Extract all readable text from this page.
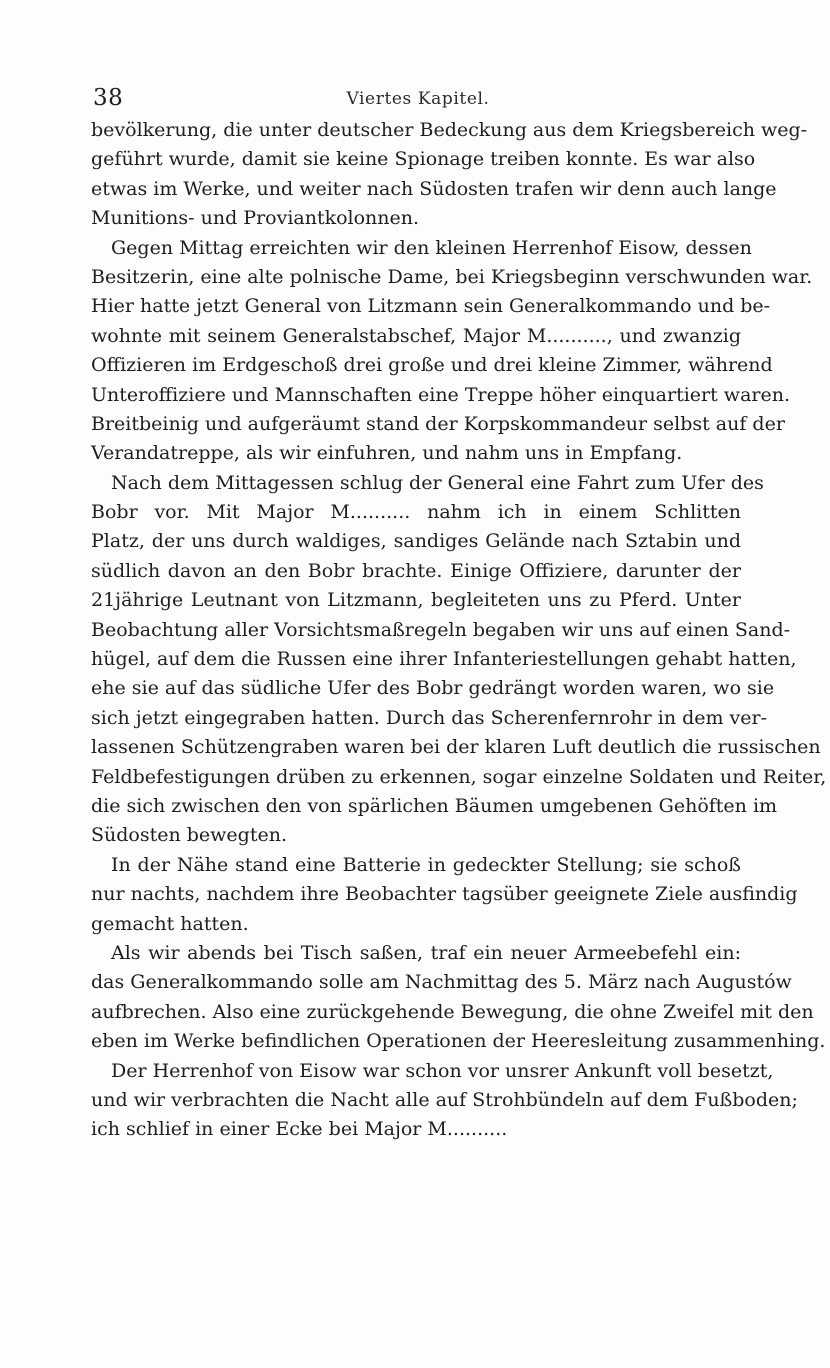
38	Viertes Kapitel.
bevölkerung, die unter deutscher Bedeckung aus dem Kriegsbereich weg-
geführt wurde, damit sie keine Spionage treiben konnte. Es war also
etwas im Werke, und weiter nach Südosten trafen wir denn auch lange
Munitions- und Proviantkolonnen.
Gegen Mittag erreichten wir den kleinen Herrenhof Eisow, dessen
Besitzerin, eine alte polnische Dame, bei Kriegsbeginn verschwunden war.
Hier hatte jetzt General von Litzmann sein Generalkommando und be-
wohnte mit seinem Generalstabschef, Major M.........., und zwanzig
Offizieren im Erdgeschoß drei große und drei kleine Zimmer, während
Unteroffiziere und Mannschaften eine Treppe höher einquartiert waren.
Breitbeinig und aufgeräumt stand der Korpskommandeur selbst auf der
Verandatreppe, als wir einfuhren, und nahm uns in Empfang.
Nach dem Mittagessen schlug der General eine Fahrt zum Ufer des
Bobr vor. Mit Major M.......... nahm ich in einem Schlitten
Platz, der uns durch waldiges, sandiges Gelände nach Sztabin und
südlich davon an den Bobr brachte. Einige Offiziere, darunter der
21jährige Leutnant von Litzmann, begleiteten uns zu Pferd. Unter
Beobachtung aller Vorsichtsmaßregeln begaben wir uns auf einen Sand-
hügel, auf dem die Russen eine ihrer Infanteriestellungen gehabt hatten,
ehe sie auf das südliche Ufer des Bobr gedrängt worden waren, wo sie
sich jetzt eingegraben hatten. Durch das Scherenfernrohr in dem ver-
lassenen Schützengraben waren bei der klaren Luft deutlich die russischen
Feldbefestigungen drüben zu erkennen, sogar einzelne Soldaten und Reiter,
die sich zwischen den von spärlichen Bäumen umgebenen Gehöften im
Südosten bewegten.
In der Nähe stand eine Batterie in gedeckter Stellung; sie schoß
nur nachts, nachdem ihre Beobachter tagsüber geeignete Ziele ausfindig
gemacht hatten.
Als wir abends bei Tisch saßen, traf ein neuer Armeebefehl ein:
das Generalkommando solle am Nachmittag des 5. März nach Augustów
aufbrechen. Also eine zurückgehende Bewegung, die ohne Zweifel mit den
eben im Werke befindlichen Operationen der Heeresleitung zusammenhing.
Der Herrenhof von Eisow war schon vor unsrer Ankunft voll besetzt,
und wir verbrachten die Nacht alle auf Strohbündeln auf dem Fußboden;
ich schlief in einer Ecke bei Major M..........
